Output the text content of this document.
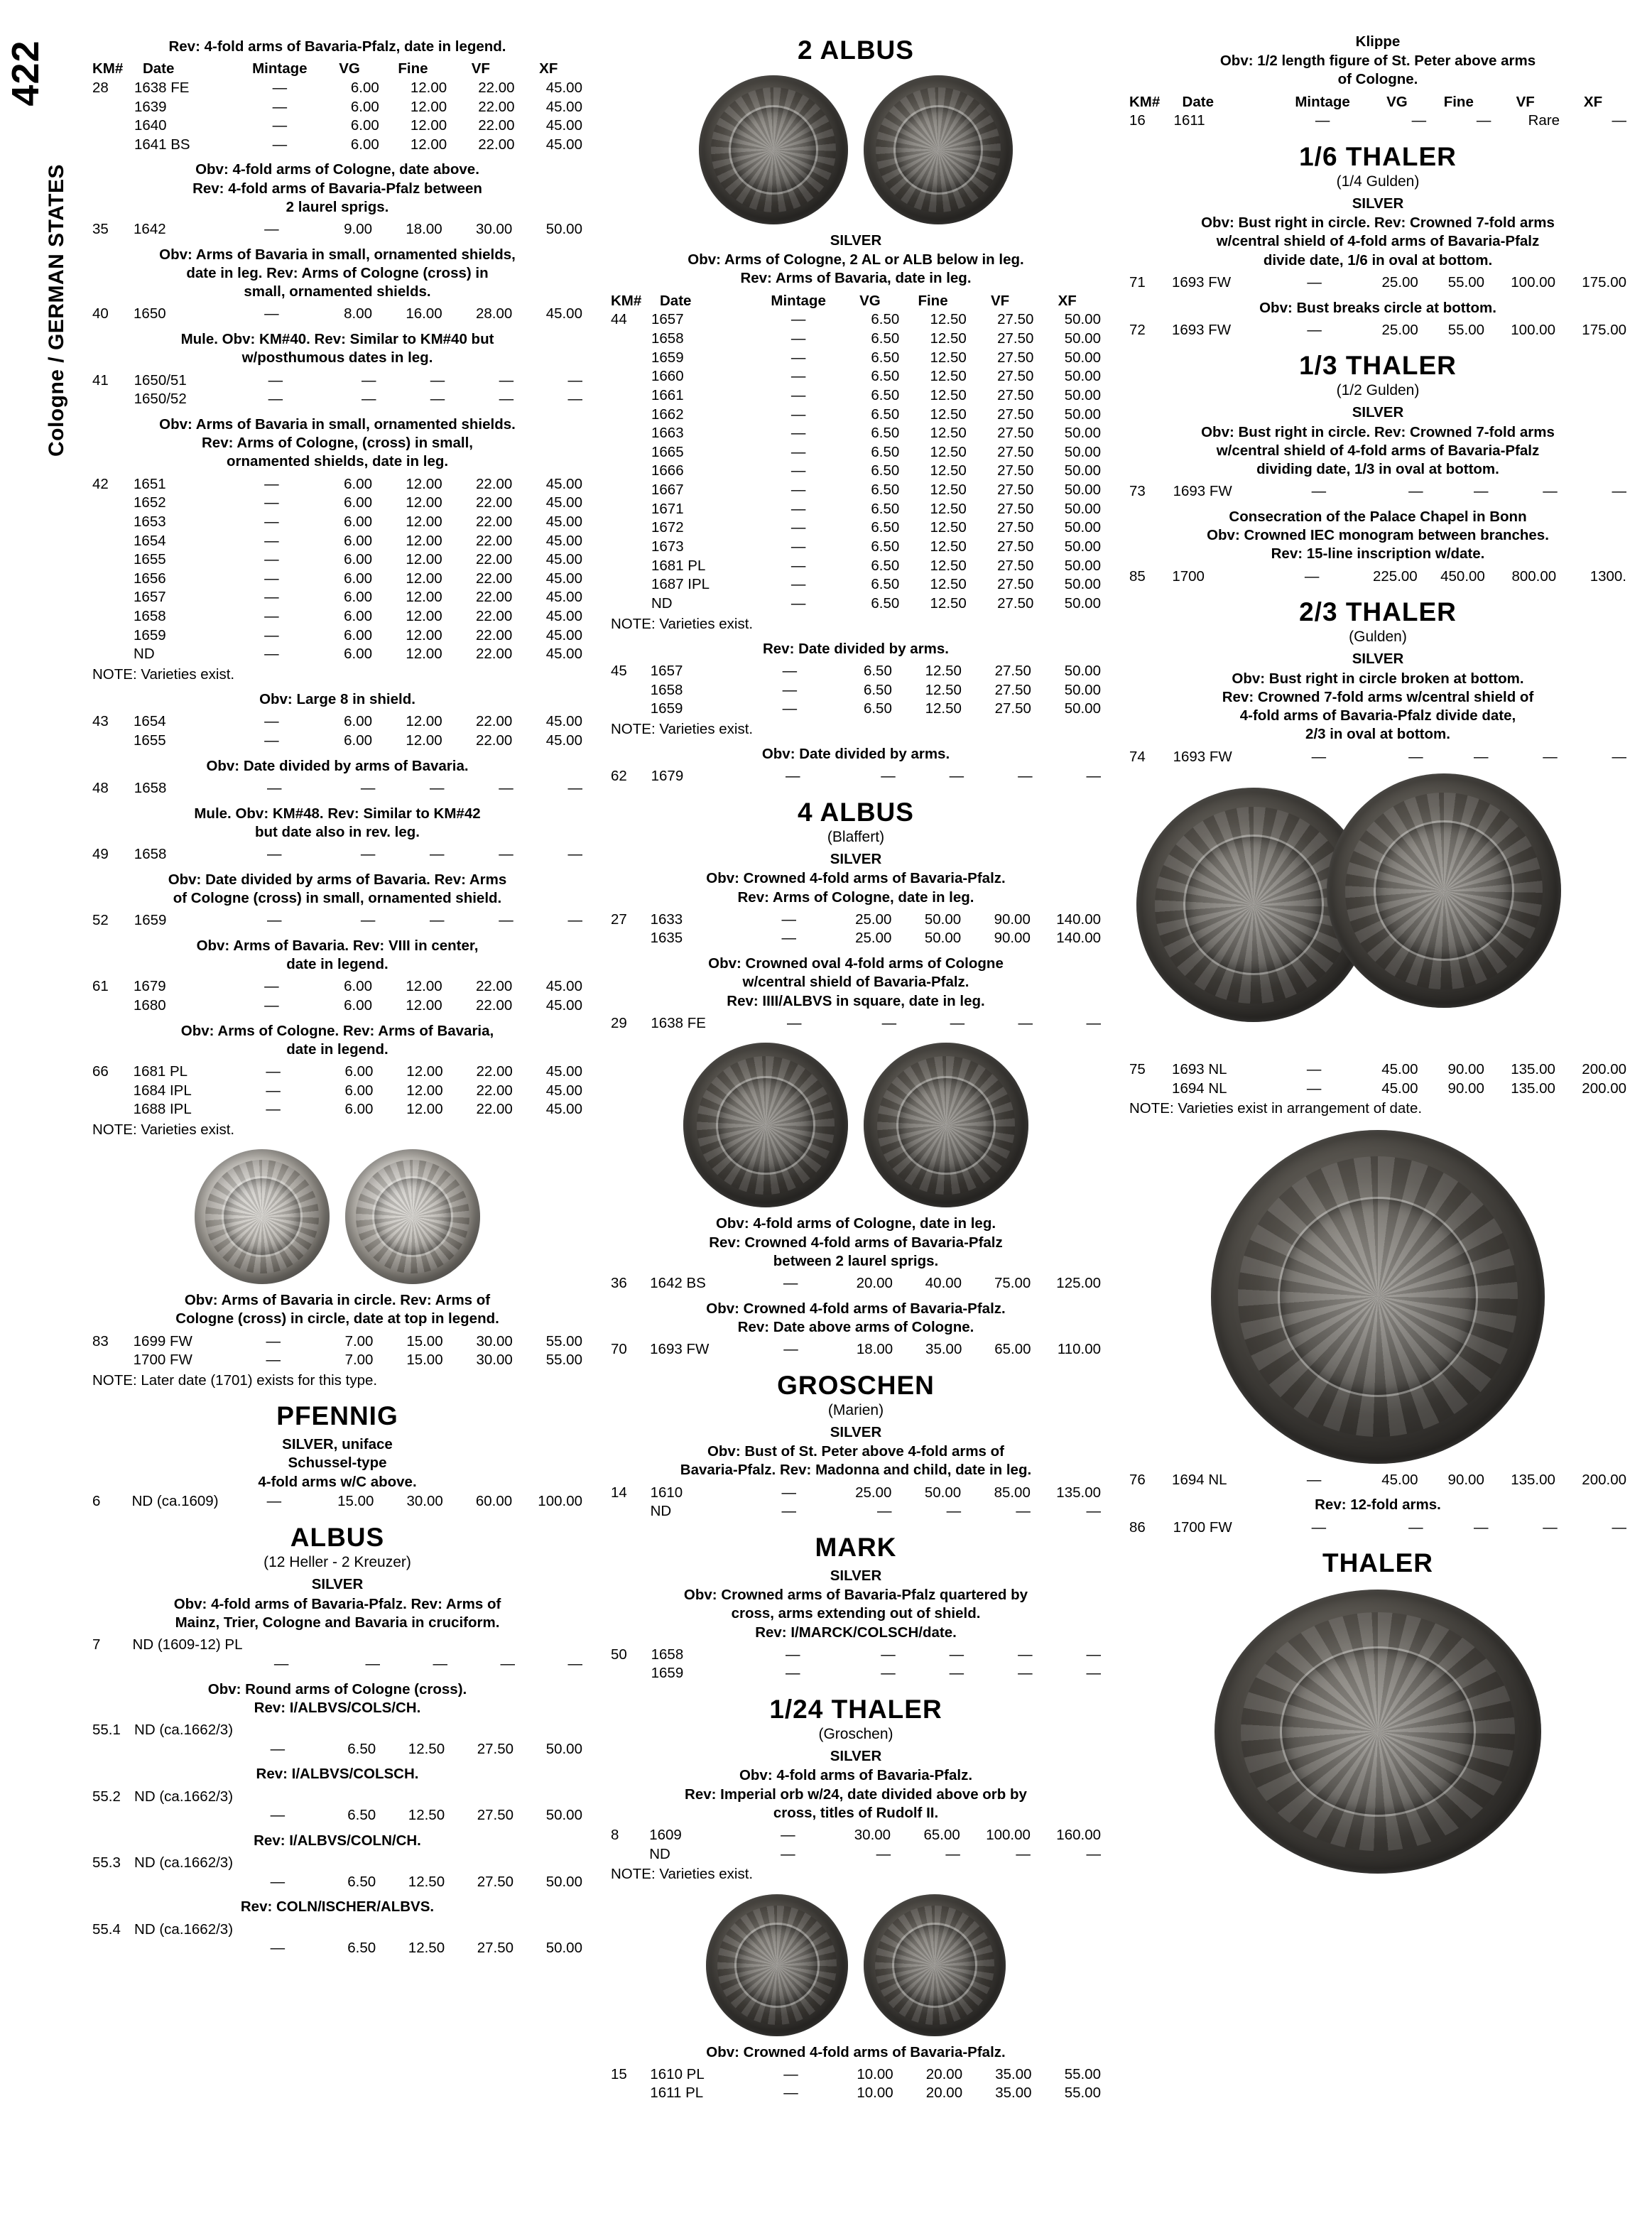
422
Cologne / GERMAN STATES
Rev: 4-fold arms of Bavaria-Pfalz, date in legend.
KM#	Date	Mintage	VG	Fine	VF	XF
28	1638 FE	—	6.00	12.00	22.00	45.00
	1639	—	6.00	12.00	22.00	45.00
	1640	—	6.00	12.00	22.00	45.00
	1641 BS	—	6.00	12.00	22.00	45.00
Obv: 4-fold arms of Cologne, date above.
Rev: 4-fold arms of Bavaria-Pfalz between
2 laurel sprigs.
35	1642	—	9.00	18.00	30.00	50.00
Obv: Arms of Bavaria in small, ornamented shields,
date in leg. Rev: Arms of Cologne (cross) in
small, ornamented shields.
40	1650	—	8.00	16.00	28.00	45.00
Mule. Obv: KM#40. Rev: Similar to KM#40 but
w/posthumous dates in leg.
41	1650/51	—	—	—	—	—
	1650/52	—	—	—	—	—
Obv: Arms of Bavaria in small, ornamented shields.
Rev: Arms of Cologne, (cross) in small,
ornamented shields, date in leg.
42	1651	—	6.00	12.00	22.00	45.00
	1652	—	6.00	12.00	22.00	45.00
	1653	—	6.00	12.00	22.00	45.00
	1654	—	6.00	12.00	22.00	45.00
	1655	—	6.00	12.00	22.00	45.00
	1656	—	6.00	12.00	22.00	45.00
	1657	—	6.00	12.00	22.00	45.00
	1658	—	6.00	12.00	22.00	45.00
	1659	—	6.00	12.00	22.00	45.00
	ND	—	6.00	12.00	22.00	45.00
NOTE: Varieties exist.
Obv: Large 8 in shield.
43	1654	—	6.00	12.00	22.00	45.00
	1655	—	6.00	12.00	22.00	45.00
Obv: Date divided by arms of Bavaria.
48	1658	—	—	—	—	—
Mule. Obv: KM#48. Rev: Similar to KM#42
but date also in rev. leg.
49	1658	—	—	—	—	—
Obv: Date divided by arms of Bavaria. Rev: Arms
of Cologne (cross) in small, ornamented shield.
52	1659	—	—	—	—	—
Obv: Arms of Bavaria. Rev: VIII in center,
date in legend.
61	1679	—	6.00	12.00	22.00	45.00
	1680	—	6.00	12.00	22.00	45.00
Obv: Arms of Cologne. Rev: Arms of Bavaria,
date in legend.
66	1681 PL	—	6.00	12.00	22.00	45.00
	1684 IPL	—	6.00	12.00	22.00	45.00
	1688 IPL	—	6.00	12.00	22.00	45.00
NOTE: Varieties exist.
Obv: Arms of Bavaria in circle. Rev: Arms of
Cologne (cross) in circle, date at top in legend.
83	1699 FW	—	7.00	15.00	30.00	55.00
	1700 FW	—	7.00	15.00	30.00	55.00
NOTE: Later date (1701) exists for this type.
PFENNIG
SILVER, uniface
Schussel-type
4-fold arms w/C above.
6	ND (ca.1609)	—	15.00	30.00	60.00	100.00
ALBUS
(12 Heller - 2 Kreuzer)
SILVER
Obv: 4-fold arms of Bavaria-Pfalz. Rev: Arms of
Mainz, Trier, Cologne and Bavaria in cruciform.
7	ND (1609-12) PL					
		—	—	—	—	—
Obv: Round arms of Cologne (cross).
Rev: I/ALBVS/COLS/CH.
55.1	ND (ca.1662/3)					
		—	6.50	12.50	27.50	50.00
Rev: I/ALBVS/COLSCH.
55.2	ND (ca.1662/3)					
		—	6.50	12.50	27.50	50.00
Rev: I/ALBVS/COLN/CH.
55.3	ND (ca.1662/3)					
		—	6.50	12.50	27.50	50.00
Rev: COLN/ISCHER/ALBVS.
55.4	ND (ca.1662/3)					
		—	6.50	12.50	27.50	50.00
2 ALBUS
SILVER
Obv: Arms of Cologne, 2 AL or ALB below in leg.
Rev: Arms of Bavaria, date in leg.
KM#	Date	Mintage	VG	Fine	VF	XF
44	1657	—	6.50	12.50	27.50	50.00
	1658	—	6.50	12.50	27.50	50.00
	1659	—	6.50	12.50	27.50	50.00
	1660	—	6.50	12.50	27.50	50.00
	1661	—	6.50	12.50	27.50	50.00
	1662	—	6.50	12.50	27.50	50.00
	1663	—	6.50	12.50	27.50	50.00
	1665	—	6.50	12.50	27.50	50.00
	1666	—	6.50	12.50	27.50	50.00
	1667	—	6.50	12.50	27.50	50.00
	1671	—	6.50	12.50	27.50	50.00
	1672	—	6.50	12.50	27.50	50.00
	1673	—	6.50	12.50	27.50	50.00
	1681 PL	—	6.50	12.50	27.50	50.00
	1687 IPL	—	6.50	12.50	27.50	50.00
	ND	—	6.50	12.50	27.50	50.00
NOTE: Varieties exist.
Rev: Date divided by arms.
45	1657	—	6.50	12.50	27.50	50.00
	1658	—	6.50	12.50	27.50	50.00
	1659	—	6.50	12.50	27.50	50.00
NOTE: Varieties exist.
Obv: Date divided by arms.
62	1679	—	—	—	—	—
4 ALBUS
(Blaffert)
SILVER
Obv: Crowned 4-fold arms of Bavaria-Pfalz.
Rev: Arms of Cologne, date in leg.
27	1633	—	25.00	50.00	90.00	140.00
	1635	—	25.00	50.00	90.00	140.00
Obv: Crowned oval 4-fold arms of Cologne
w/central shield of Bavaria-Pfalz.
Rev: IIII/ALBVS in square, date in leg.
29	1638 FE	—	—	—	—	—
Obv: 4-fold arms of Cologne, date in leg.
Rev: Crowned 4-fold arms of Bavaria-Pfalz
between 2 laurel sprigs.
36	1642 BS	—	20.00	40.00	75.00	125.00
Obv: Crowned 4-fold arms of Bavaria-Pfalz.
Rev: Date above arms of Cologne.
70	1693 FW	—	18.00	35.00	65.00	110.00
GROSCHEN
(Marien)
SILVER
Obv: Bust of St. Peter above 4-fold arms of
Bavaria-Pfalz. Rev: Madonna and child, date in leg.
14	1610	—	25.00	50.00	85.00	135.00
	ND	—	—	—	—	—
MARK
SILVER
Obv: Crowned arms of Bavaria-Pfalz quartered by
cross, arms extending out of shield.
Rev: I/MARCK/COLSCH/date.
50	1658	—	—	—	—	—
	1659	—	—	—	—	—
1/24 THALER
(Groschen)
SILVER
Obv: 4-fold arms of Bavaria-Pfalz.
Rev: Imperial orb w/24, date divided above orb by
cross, titles of Rudolf II.
8	1609	—	30.00	65.00	100.00	160.00
	ND	—	—	—	—	—
NOTE: Varieties exist.
Obv: Crowned 4-fold arms of Bavaria-Pfalz.
15	1610 PL	—	10.00	20.00	35.00	55.00
	1611 PL	—	10.00	20.00	35.00	55.00
Klippe
Obv: 1/2 length figure of St. Peter above arms
of Cologne.
KM#	Date	Mintage	VG	Fine	VF	XF
16	1611	—	—	—	Rare	—
1/6 THALER
(1/4 Gulden)
SILVER
Obv: Bust right in circle. Rev: Crowned 7-fold arms
w/central shield of 4-fold arms of Bavaria-Pfalz
divide date, 1/6 in oval at bottom.
71	1693 FW	—	25.00	55.00	100.00	175.00
Obv: Bust breaks circle at bottom.
72	1693 FW	—	25.00	55.00	100.00	175.00
1/3 THALER
(1/2 Gulden)
SILVER
Obv: Bust right in circle. Rev: Crowned 7-fold arms
w/central shield of 4-fold arms of Bavaria-Pfalz
dividing date, 1/3 in oval at bottom.
73	1693 FW	—	—	—	—	—
Consecration of the Palace Chapel in Bonn
Obv: Crowned IEC monogram between branches.
Rev: 15-line inscription w/date.
85	1700	—	225.00	450.00	800.00	1300.
2/3 THALER
(Gulden)
SILVER
Obv: Bust right in circle broken at bottom.
Rev: Crowned 7-fold arms w/central shield of
4-fold arms of Bavaria-Pfalz divide date,
2/3 in oval at bottom.
74	1693 FW	—	—	—	—	—
75	1693 NL	—	45.00	90.00	135.00	200.00
	1694 NL	—	45.00	90.00	135.00	200.00
NOTE: Varieties exist in arrangement of date.
76	1694 NL	—	45.00	90.00	135.00	200.00
Rev: 12-fold arms.
86	1700 FW	—	—	—	—	—
THALER
